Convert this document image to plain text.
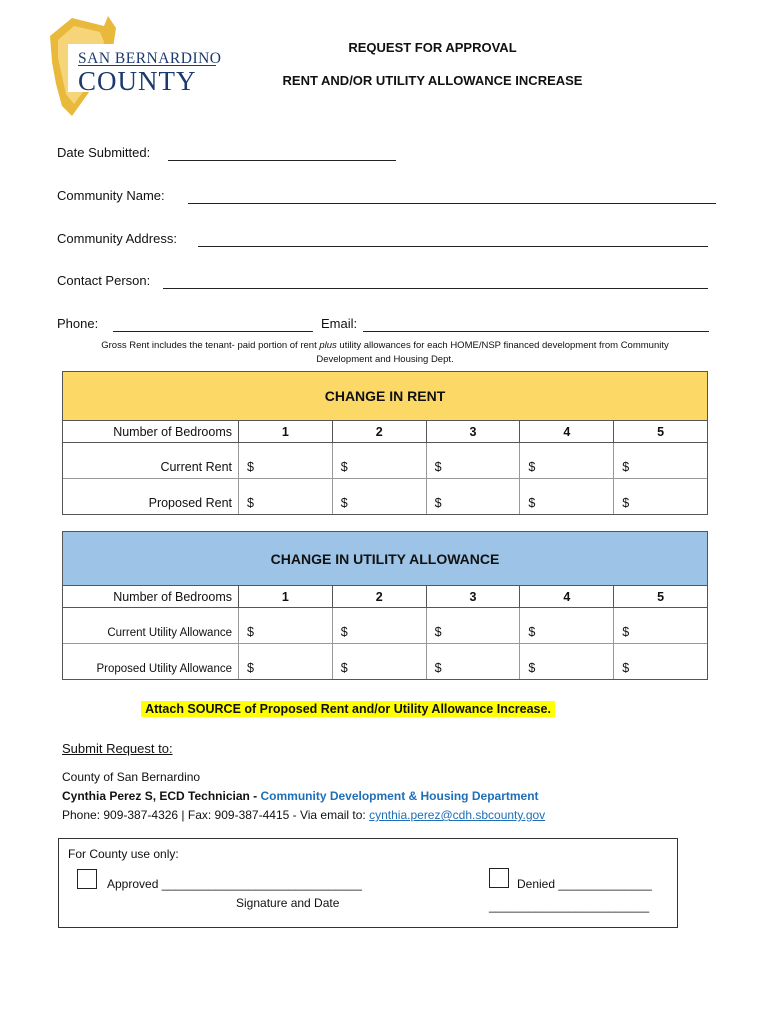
SAN BERNARDINO
COUNTY
REQUEST FOR APPROVAL
RENT AND/OR UTILITY ALLOWANCE INCREASE
Date Submitted:
Community Name:
Community Address:
Contact Person:
Phone:	Email:
Gross Rent includes the tenant- paid portion of rent plus utility allowances for each HOME/NSP financed development from Community Development and Housing Dept.
CHANGE IN RENT
Number of Bedrooms	1	2	3	4	5
Current Rent	$	$	$	$	$
Proposed Rent	$	$	$	$	$
CHANGE IN UTILITY ALLOWANCE
Number of Bedrooms	1	2	3	4	5
Current Utility Allowance	$	$	$	$	$
Proposed Utility Allowance	$	$	$	$	$
Attach SOURCE of Proposed Rent and/or Utility Allowance Increase.
Submit Request to:
County of San Bernardino
Cynthia Perez S, ECD Technician - Community Development & Housing Department
Phone: 909-387-4326 | Fax: 909-387-4415 - Via email to: cynthia.perez@cdh.sbcounty.gov
For County use only:
Approved ______________________________
Signature and Date
Denied ______________
________________________
